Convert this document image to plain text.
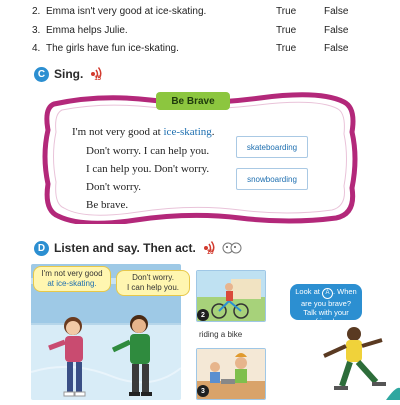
2. Emma isn't very good at ice-skating.	True	False
3. Emma helps Julie.	True	False
4. The girls have fun ice-skating.	True	False
C Sing. 15
Be Brave
I'm not very good at ice-skating.
Don't worry. I can help you.
I can help you. Don't worry.
Don't worry.
Be brave.
skateboarding
snowboarding
D Listen and say. Then act. 16
I'm not very good
at ice-skating.
Don't worry.
I can help you.
2
riding a bike
3
Look at A . When are you brave? Talk with your friend.
